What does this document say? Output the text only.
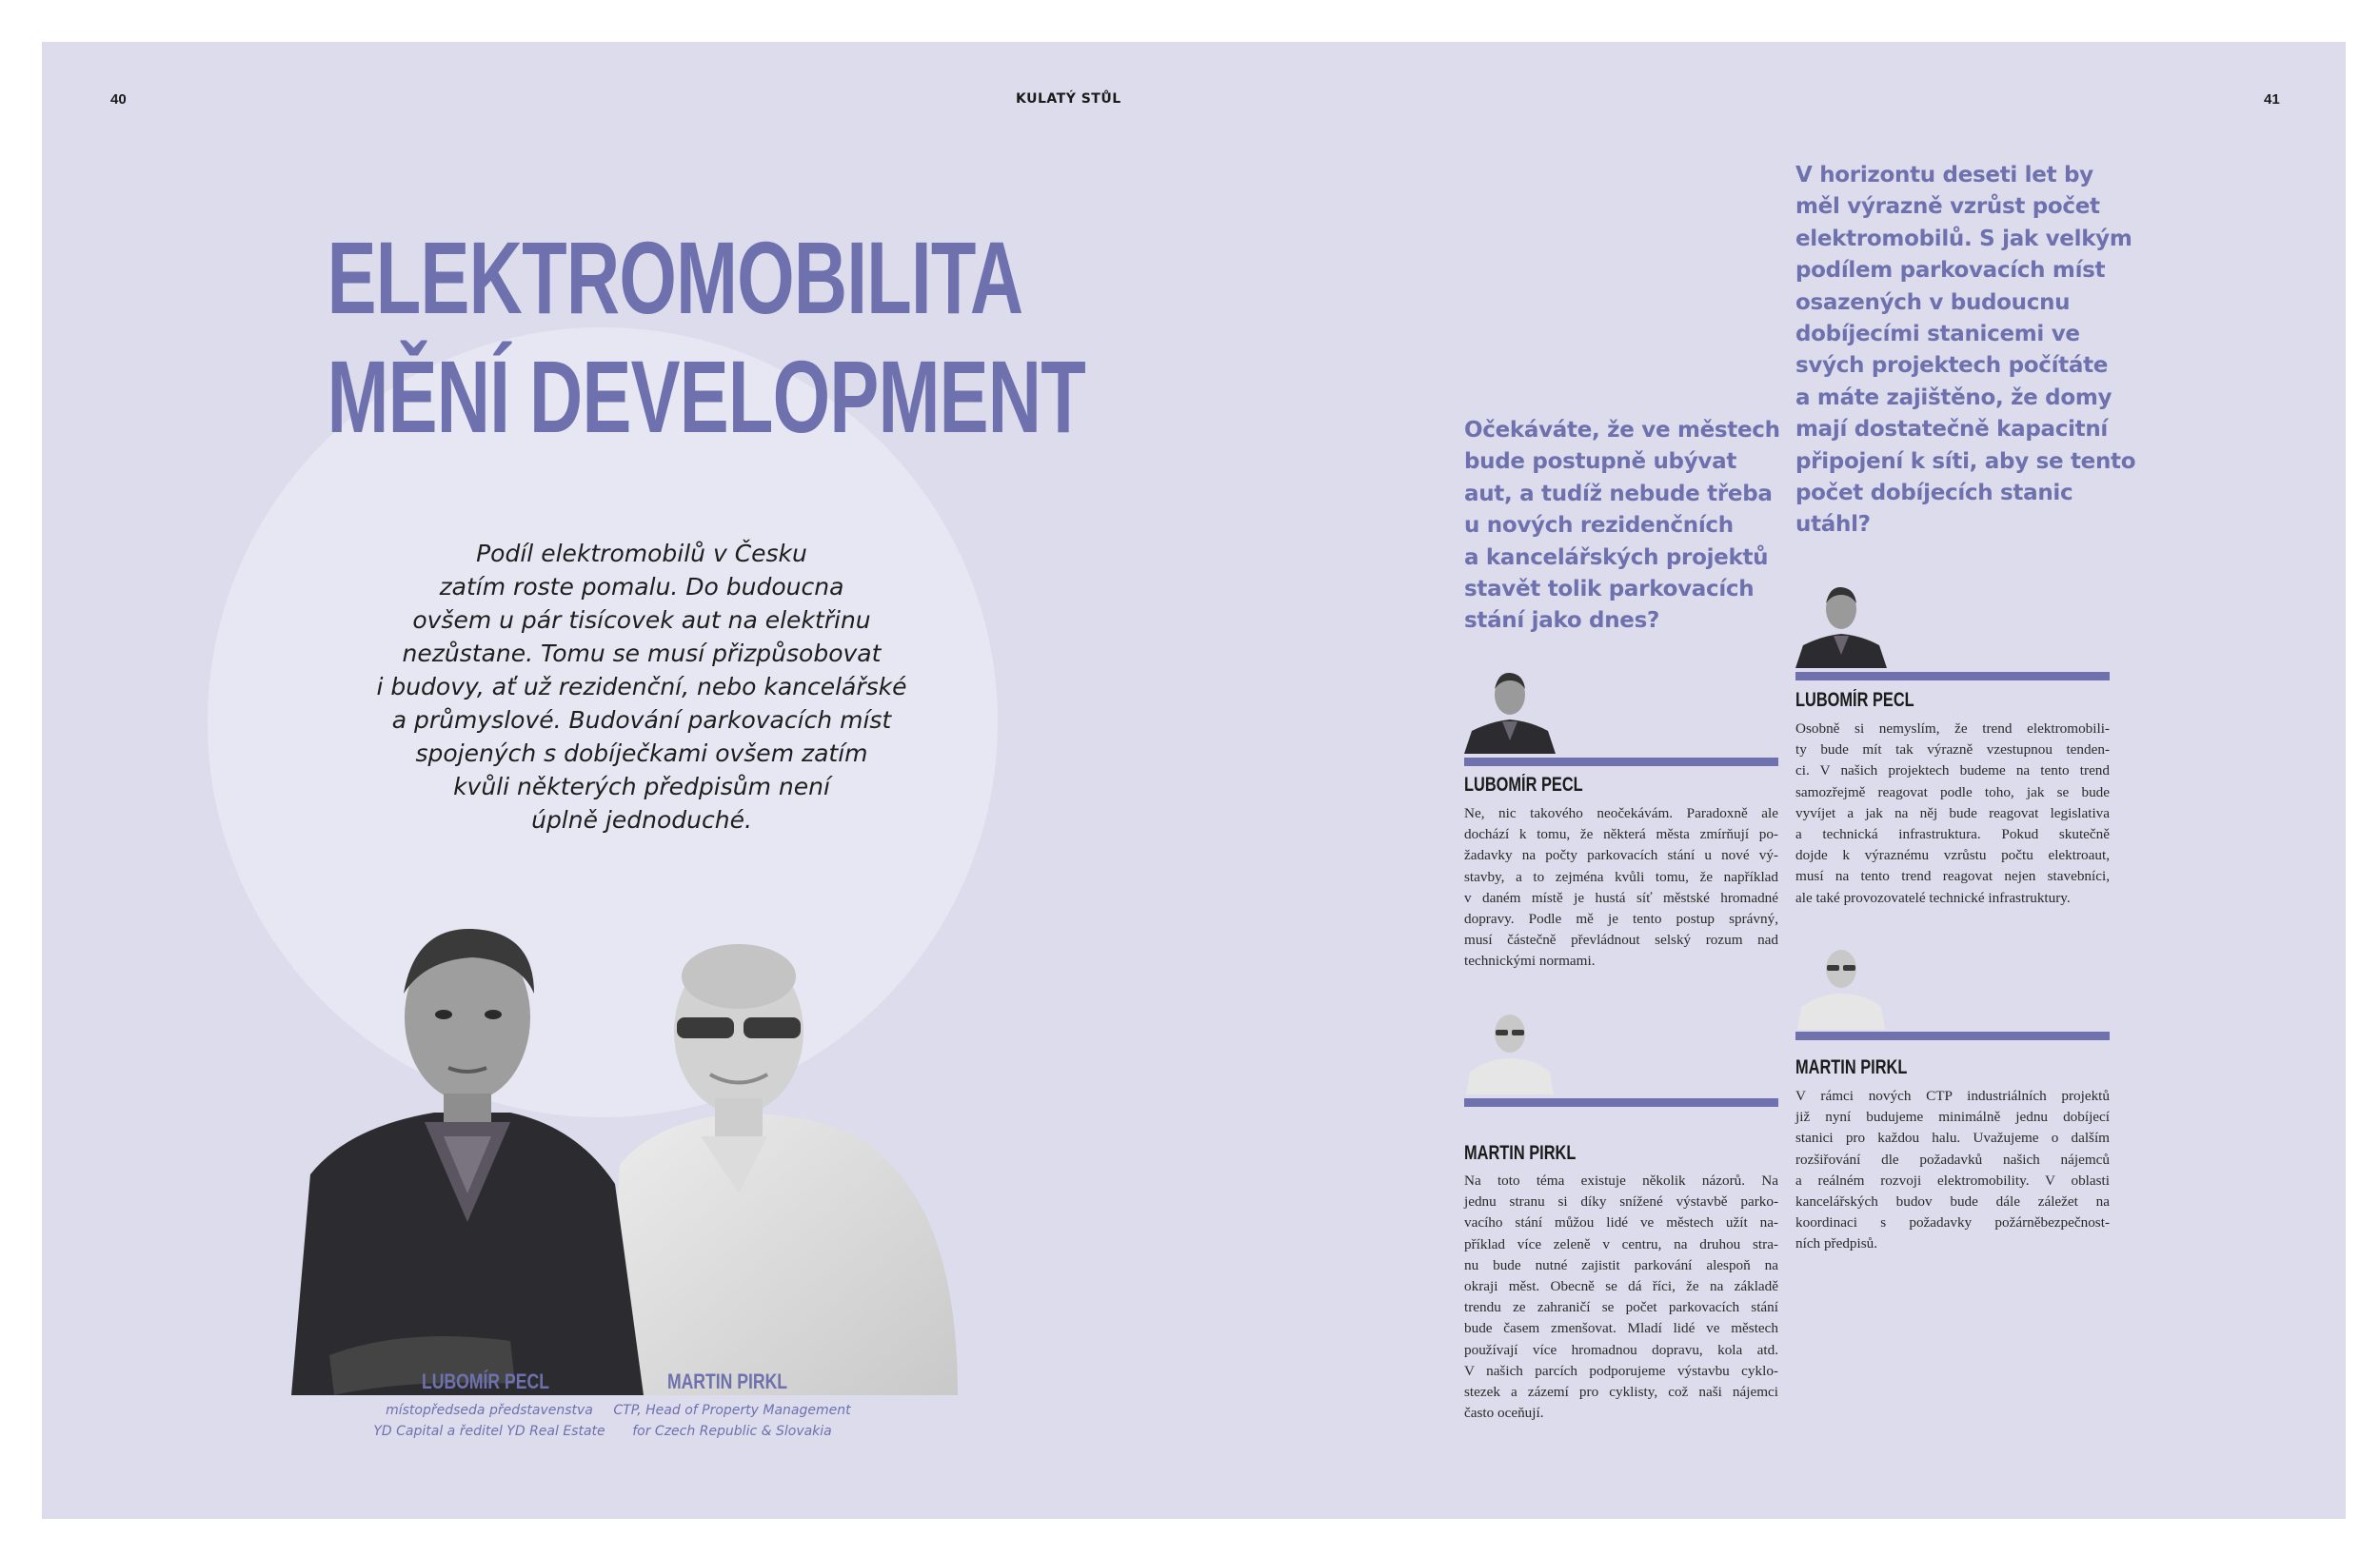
40	KULATÝ STŮL	41
ELEKTROMOBILITA
MĚNÍ DEVELOPMENT
Podíl elektromobilů v Česku
zatím roste pomalu. Do budoucna
ovšem u pár tisícovek aut na elektřinu
nezůstane. Tomu se musí přizpůsobovat
i budovy, ať už rezidenční, nebo kancelářské
a průmyslové. Budování parkovacích míst
spojených s dobíječkami ovšem zatím
kvůli některých předpisům není
úplně jednoduché.
LUBOMÍR PECL
místopředseda představenstva
YD Capital a ředitel YD Real Estate
MARTIN PIRKL
CTP, Head of Property Management
for Czech Republic & Slovakia
Očekáváte, že ve městech
bude postupně ubývat
aut, a tudíž nebude třeba
u nových rezidenčních
a kancelářských projektů
stavět tolik parkovacích
stání jako dnes?
LUBOMÍR PECL
Ne, nic takového neočekávám. Paradoxně ale
dochází k tomu, že některá města zmírňují po-
žadavky na počty parkovacích stání u nové vý-
stavby, a to zejména kvůli tomu, že například
v daném místě je hustá síť městské hromadné
dopravy. Podle mě je tento postup správný,
musí částečně převládnout selský rozum nad
technickými normami.
MARTIN PIRKL
Na toto téma existuje několik názorů. Na
jednu stranu si díky snížené výstavbě parko-
vacího stání můžou lidé ve městech užít na-
příklad více zeleně v centru, na druhou stra-
nu bude nutné zajistit parkování alespoň na
okraji měst. Obecně se dá říci, že na základě
trendu ze zahraničí se počet parkovacích stání
bude časem zmenšovat. Mladí lidé ve městech
používají více hromadnou dopravu, kola atd.
V našich parcích podporujeme výstavbu cyklo-
stezek a zázemí pro cyklisty, což naši nájemci
často oceňují.
V horizontu deseti let by
měl výrazně vzrůst počet
elektromobilů. S jak velkým
podílem parkovacích míst
osazených v budoucnu
dobíjecími stanicemi ve
svých projektech počítáte
a máte zajištěno, že domy
mají dostatečně kapacitní
připojení k síti, aby se tento
počet dobíjecích stanic
utáhl?
LUBOMÍR PECL
Osobně si nemyslím, že trend elektromobili-
ty bude mít tak výrazně vzestupnou tenden-
ci. V našich projektech budeme na tento trend
samozřejmě reagovat podle toho, jak se bude
vyvíjet a jak na něj bude reagovat legislativa
a technická infrastruktura. Pokud skutečně
dojde k výraznému vzrůstu počtu elektroaut,
musí na tento trend reagovat nejen stavebníci,
ale také provozovatelé technické infrastruktury.
MARTIN PIRKL
V rámci nových CTP industriálních projektů
již nyní budujeme minimálně jednu dobíjecí
stanici pro každou halu. Uvažujeme o dalším
rozšiřování dle požadavků našich nájemců
a reálném rozvoji elektromobility. V oblasti
kancelářských budov bude dále záležet na
koordinaci s požadavky požárněbezpečnost-
ních předpisů.
